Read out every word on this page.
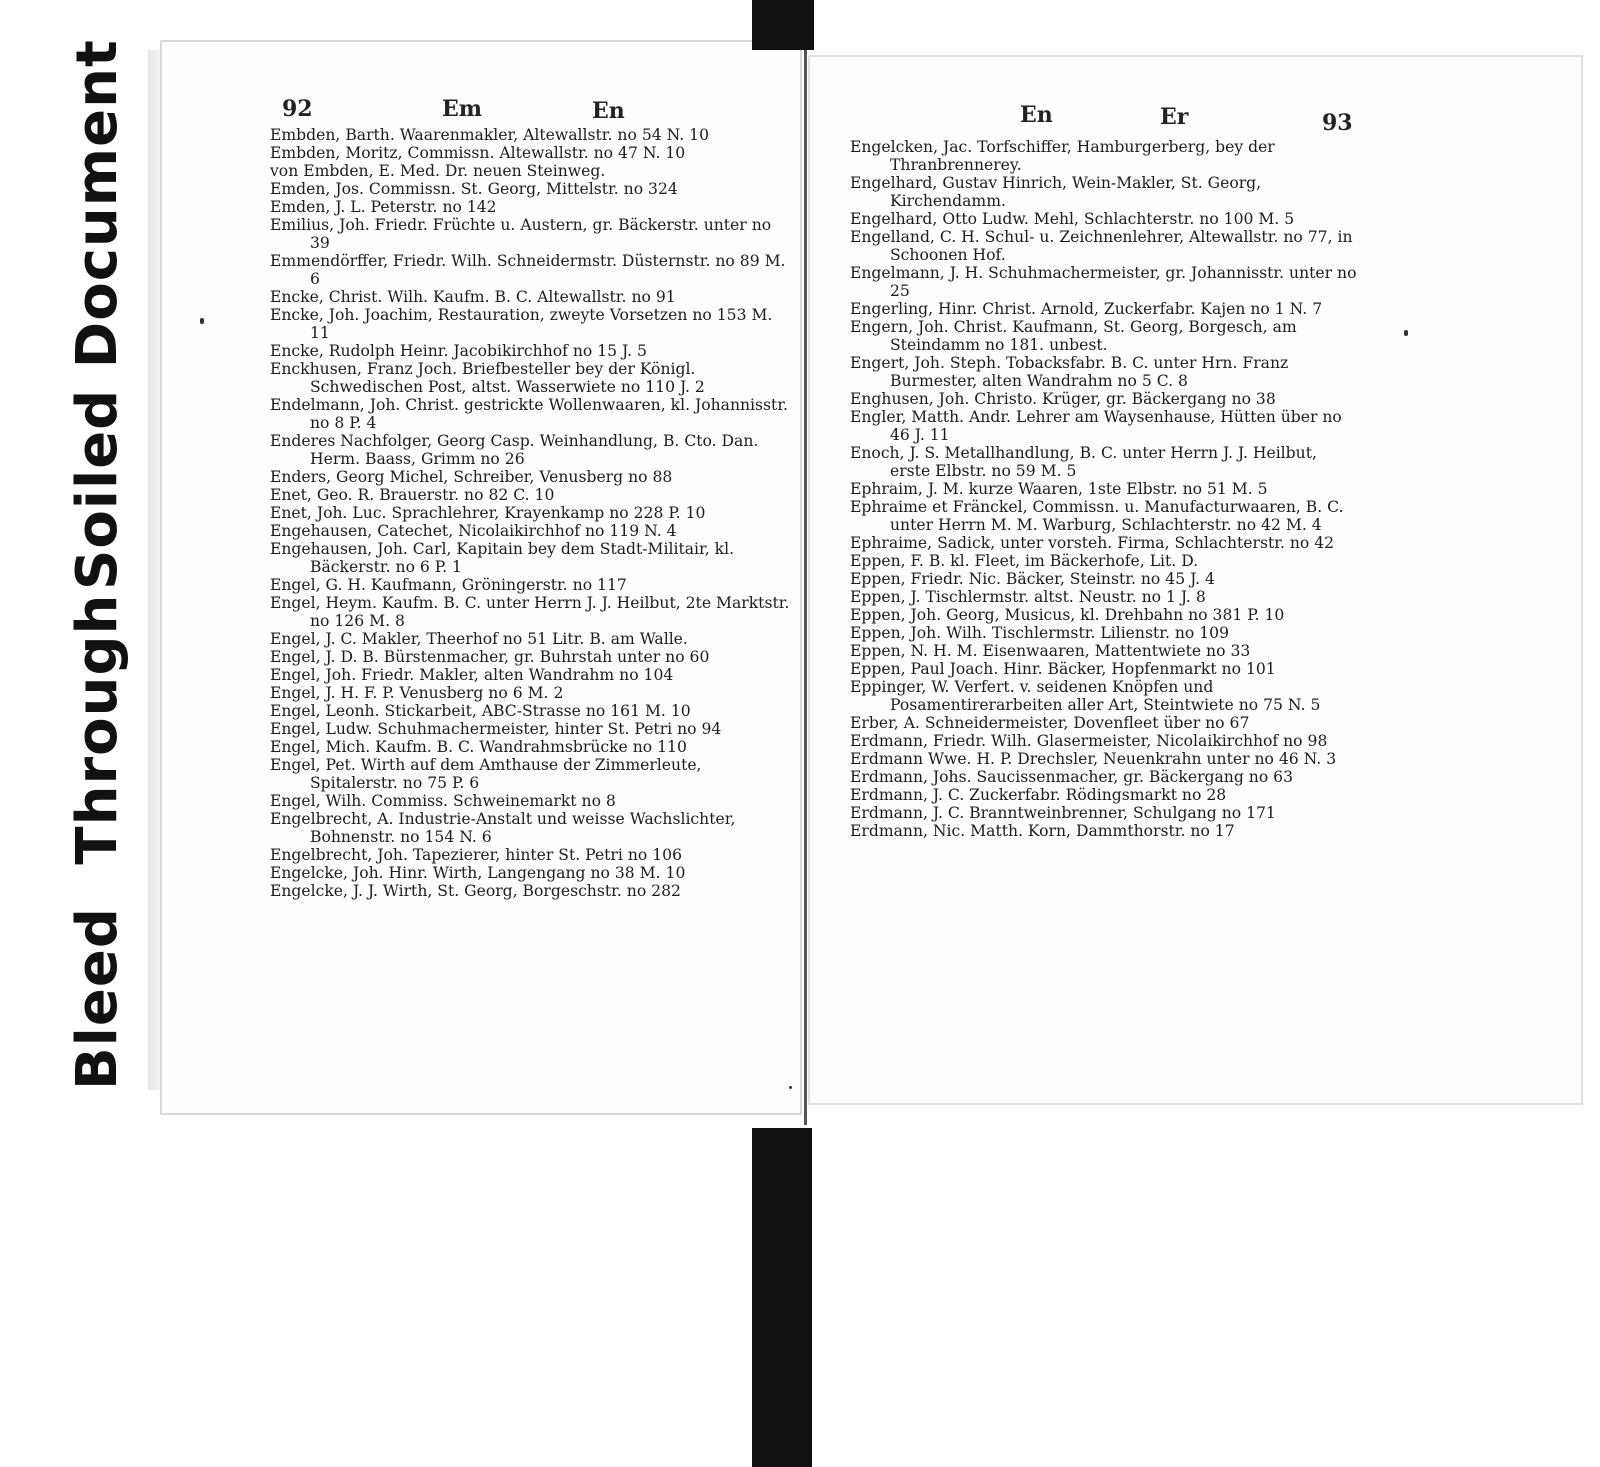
Soiled Document
Bleed Through
92	Em	En	En	Er	93
Embden, Barth. Waarenmakler, Altewallstr. no 54 N. 10
Embden, Moritz, Commissn. Altewallstr. no 47 N. 10
von Embden, E. Med. Dr. neuen Steinweg.
Emden, Jos. Commissn. St. Georg, Mittelstr. no 324
Emden, J. L. Peterstr. no 142
Emilius, Joh. Friedr. Früchte u. Austern, gr. Bäckerstr. unter no 39
Emmendörffer, Friedr. Wilh. Schneidermstr. Düsternstr. no 89 M. 6
Encke, Christ. Wilh. Kaufm. B. C. Altewallstr. no 91
Encke, Joh. Joachim, Restauration, zweyte Vorsetzen no 153 M. 11
Encke, Rudolph Heinr. Jacobikirchhof no 15 J. 5
Enckhusen, Franz Joch. Briefbesteller bey der Königl. Schwedischen Post, altst. Wasserwiete no 110 J. 2
Endelmann, Joh. Christ. gestrickte Wollenwaaren, kl. Johannisstr. no 8 P. 4
Enderes Nachfolger, Georg Casp. Weinhandlung, B. Cto. Dan. Herm. Baass, Grimm no 26
Enders, Georg Michel, Schreiber, Venusberg no 88
Enet, Geo. R. Brauerstr. no 82 C. 10
Enet, Joh. Luc. Sprachlehrer, Krayenkamp no 228 P. 10
Engehausen, Catechet, Nicolaikirchhof no 119 N. 4
Engehausen, Joh. Carl, Kapitain bey dem Stadt-Militair, kl. Bäckerstr. no 6 P. 1
Engel, G. H. Kaufmann, Gröningerstr. no 117
Engel, Heym. Kaufm. B. C. unter Herrn J. J. Heilbut, 2te Marktstr. no 126 M. 8
Engel, J. C. Makler, Theerhof no 51 Litr. B. am Walle.
Engel, J. D. B. Bürstenmacher, gr. Buhrstah unter no 60
Engel, Joh. Friedr. Makler, alten Wandrahm no 104
Engel, J. H. F. P. Venusberg no 6 M. 2
Engel, Leonh. Stickarbeit, ABC-Strasse no 161 M. 10
Engel, Ludw. Schuhmachermeister, hinter St. Petri no 94
Engel, Mich. Kaufm. B. C. Wandrahmsbrücke no 110
Engel, Pet. Wirth auf dem Amthause der Zimmerleute, Spitalerstr. no 75 P. 6
Engel, Wilh. Commiss. Schweinemarkt no 8
Engelbrecht, A. Industrie-Anstalt und weisse Wachslichter, Bohnenstr. no 154 N. 6
Engelbrecht, Joh. Tapezierer, hinter St. Petri no 106
Engelcke, Joh. Hinr. Wirth, Langengang no 38 M. 10
Engelcke, J. J. Wirth, St. Georg, Borgeschstr. no 282
Engelcken, Jac. Torfschiffer, Hamburgerberg, bey der Thranbrennerey.
Engelhard, Gustav Hinrich, Wein-Makler, St. Georg, Kirchendamm.
Engelhard, Otto Ludw. Mehl, Schlachterstr. no 100 M. 5
Engelland, C. H. Schul- u. Zeichnenlehrer, Altewallstr. no 77, in Schoonen Hof.
Engelmann, J. H. Schuhmachermeister, gr. Johannisstr. unter no 25
Engerling, Hinr. Christ. Arnold, Zuckerfabr. Kajen no 1 N. 7
Engern, Joh. Christ. Kaufmann, St. Georg, Borgesch, am Steindamm no 181. unbest.
Engert, Joh. Steph. Tobacksfabr. B. C. unter Hrn. Franz Burmester, alten Wandrahm no 5 C. 8
Enghusen, Joh. Christo. Krüger, gr. Bäckergang no 38
Engler, Matth. Andr. Lehrer am Waysenhause, Hütten über no 46 J. 11
Enoch, J. S. Metallhandlung, B. C. unter Herrn J. J. Heilbut, erste Elbstr. no 59 M. 5
Ephraim, J. M. kurze Waaren, 1ste Elbstr. no 51 M. 5
Ephraime et Fränckel, Commissn. u. Manufacturwaaren, B. C. unter Herrn M. M. Warburg, Schlachterstr. no 42 M. 4
Ephraime, Sadick, unter vorsteh. Firma, Schlachterstr. no 42
Eppen, F. B. kl. Fleet, im Bäckerhofe, Lit. D.
Eppen, Friedr. Nic. Bäcker, Steinstr. no 45 J. 4
Eppen, J. Tischlermstr. altst. Neustr. no 1 J. 8
Eppen, Joh. Georg, Musicus, kl. Drehbahn no 381 P. 10
Eppen, Joh. Wilh. Tischlermstr. Lilienstr. no 109
Eppen, N. H. M. Eisenwaaren, Mattentwiete no 33
Eppen, Paul Joach. Hinr. Bäcker, Hopfenmarkt no 101
Eppinger, W. Verfert. v. seidenen Knöpfen und Posamentirerarbeiten aller Art, Steintwiete no 75 N. 5
Erber, A. Schneidermeister, Dovenfleet über no 67
Erdmann, Friedr. Wilh. Glasermeister, Nicolaikirchhof no 98
Erdmann Wwe. H. P. Drechsler, Neuenkrahn unter no 46 N. 3
Erdmann, Johs. Saucissenmacher, gr. Bäckergang no 63
Erdmann, J. C. Zuckerfabr. Rödingsmarkt no 28
Erdmann, J. C. Branntweinbrenner, Schulgang no 171
Erdmann, Nic. Matth. Korn, Dammthorstr. no 17
